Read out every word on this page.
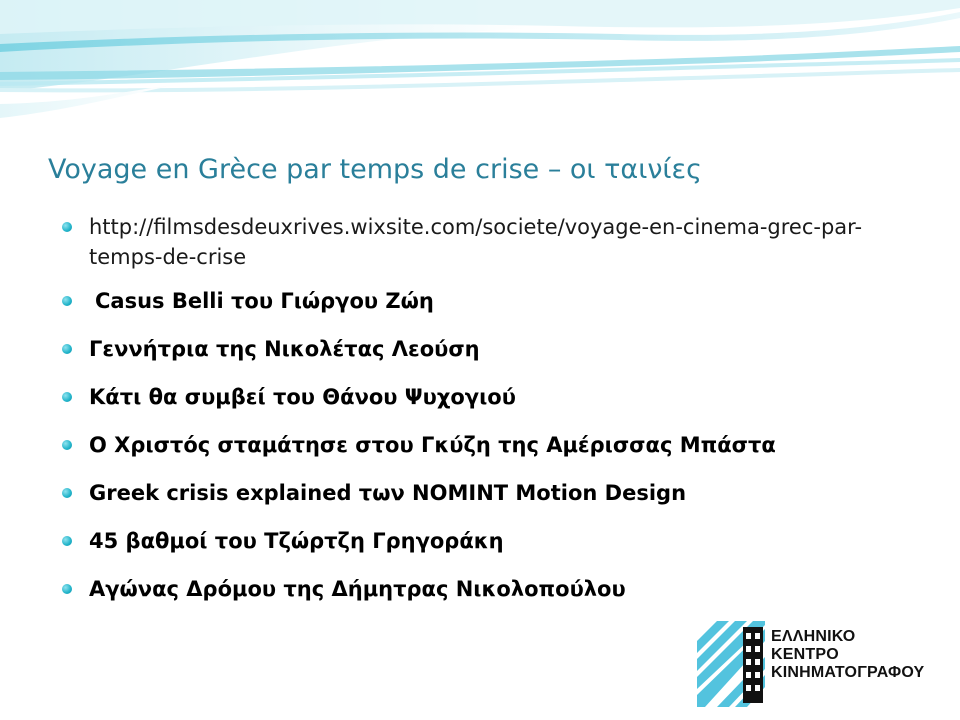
Voyage en Grèce par temps de crise – οι ταινίες
http://filmsdesdeuxrives.wixsite.com/societe/voyage-en-cinema-grec-par-temps-de-crise
Casus Belli του Γιώργου Ζώη
Γεννήτρια της Νικολέτας Λεούση
Κάτι θα συμβεί του Θάνου Ψυχογιού
Ο Χριστός σταμάτησε στου Γκύζη της Αμέρισσας Μπάστα
Greek crisis explained των NOMINT Motion Design
45 βαθμοί του Τζώρτζη Γρηγοράκη
Αγώνας Δρόμου της Δήμητρας Νικολοπούλου
ΕΛΛΗΝΙΚΟ
ΚΕΝΤΡΟ
ΚΙΝΗΜΑΤΟΓΡΑΦΟΥ
